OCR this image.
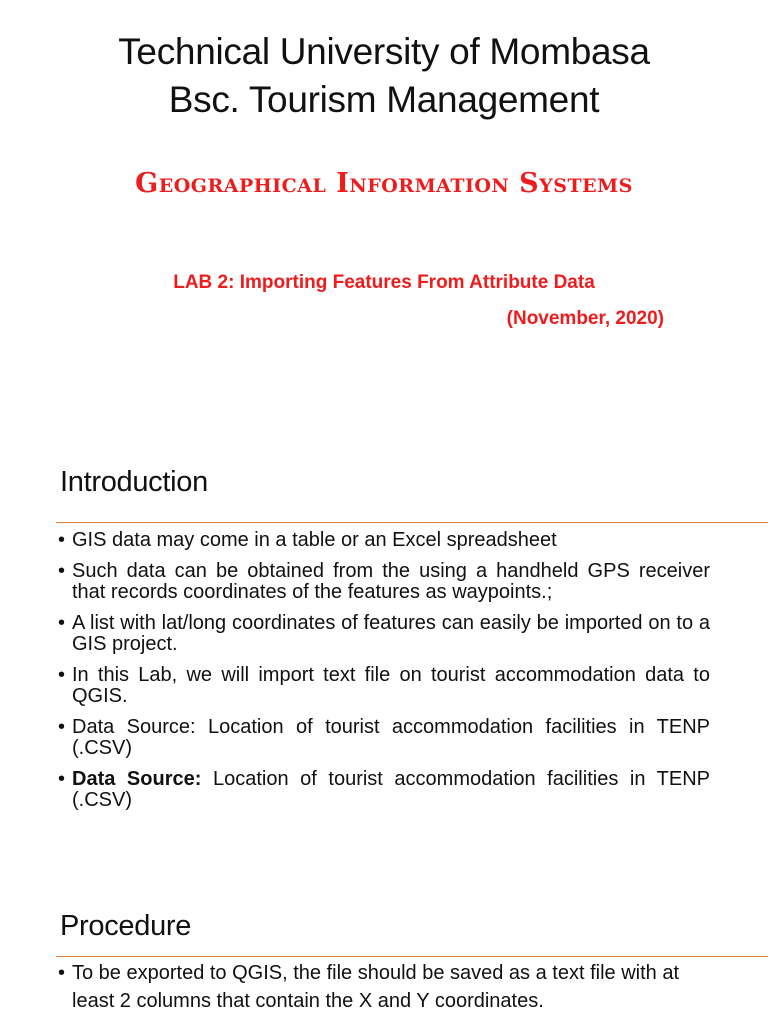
Technical University of Mombasa
Bsc. Tourism Management
Geographical Information Systems
LAB 2: Importing Features From Attribute Data
(November, 2020)
Introduction
• GIS data may come in a table or an Excel spreadsheet
• Such data can be obtained from the using a handheld GPS receiver that records coordinates of the features as waypoints.;
• A list with lat/long coordinates of features can easily be imported on to a GIS project.
• In this Lab, we will import text file on tourist accommodation data to QGIS.
• Data Source: Location of tourist accommodation facilities in TENP (.CSV)
• Data Source: Location of tourist accommodation facilities in TENP (.CSV)
Procedure
• To be exported to QGIS, the file should be saved as a text file with at least 2 columns that contain the X and Y coordinates.
